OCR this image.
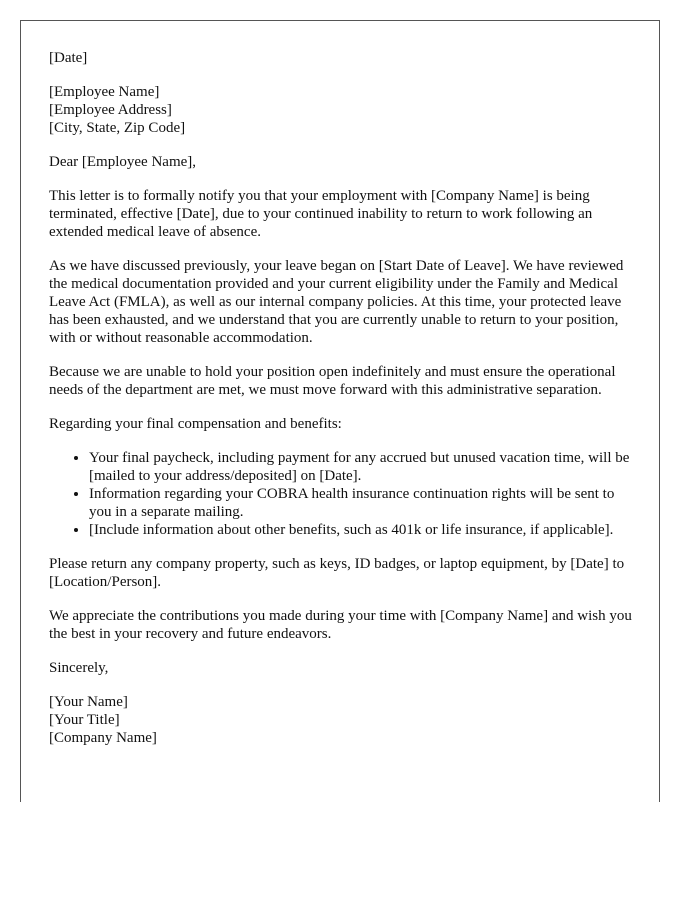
[Date]
[Employee Name]
[Employee Address]
[City, State, Zip Code]
Dear [Employee Name],

This letter is to formally notify you that your employment with [Company Name] is being terminated, effective [Date], due to your continued inability to return to work following an extended medical leave of absence.

As we have discussed previously, your leave began on [Start Date of Leave]. We have reviewed the medical documentation provided and your current eligibility under the Family and Medical Leave Act (FMLA), as well as our internal company policies. At this time, your protected leave has been exhausted, and we understand that you are currently unable to return to your position, with or without reasonable accommodation.

Because we are unable to hold your position open indefinitely and must ensure the operational needs of the department are met, we must move forward with this administrative separation.

Regarding your final compensation and benefits:

• Your final paycheck, including payment for any accrued but unused vacation time, will be [mailed to your address/deposited] on [Date].
• Information regarding your COBRA health insurance continuation rights will be sent to you in a separate mailing.
• [Include information about other benefits, such as 401k or life insurance, if applicable].

Please return any company property, such as keys, ID badges, or laptop equipment, by [Date] to [Location/Person].

We appreciate the contributions you made during your time with [Company Name] and wish you the best in your recovery and future endeavors.

Sincerely,
[Your Name]
[Your Title]
[Company Name]
